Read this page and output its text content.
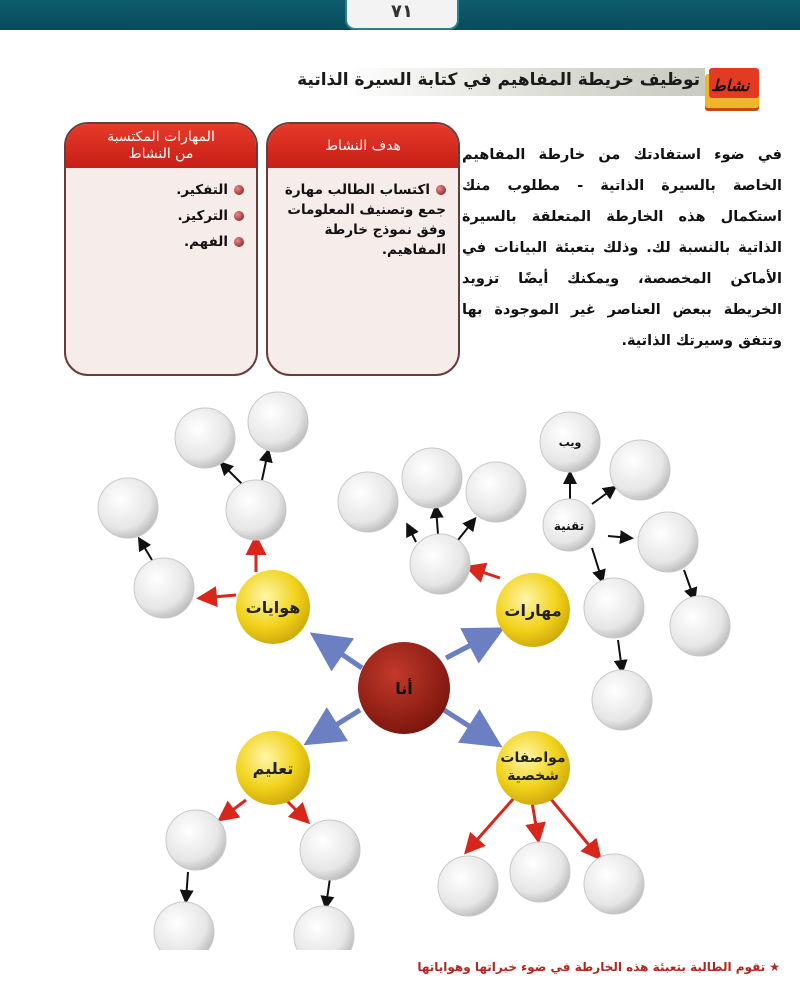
٧١
توظيف خريطة المفاهيم في كتابة السيرة الذاتية نشاط
المهارات المكتسبة
من النشاط
التفكير.
التركيز.
الفهم.
هدف النشاط
اكتساب الطالب مهارة جمع وتصنيف المعلومات وفق نموذج خارطة المفاهيم.
في ضوء استفادتك من خارطة المفاهيم الخاصة بالسيرة الذاتية - مطلوب منك استكمال هذه الخارطة المتعلقة بالسيرة الذاتية بالنسبة لك. وذلك بتعبئة البيانات في الأماكن المخصصة، ويمكنك أيضًا تزويد الخريطة ببعض العناصر غير الموجودة بها وتتفق وسيرتك الذاتية.
تقنية
ويب
هوايات	مهارات
تعليم
مواصفات
شخصية
أنا
★تقوم الطالبة بتعبئة هذه الخارطة في ضوء خبراتها وهواياتها
